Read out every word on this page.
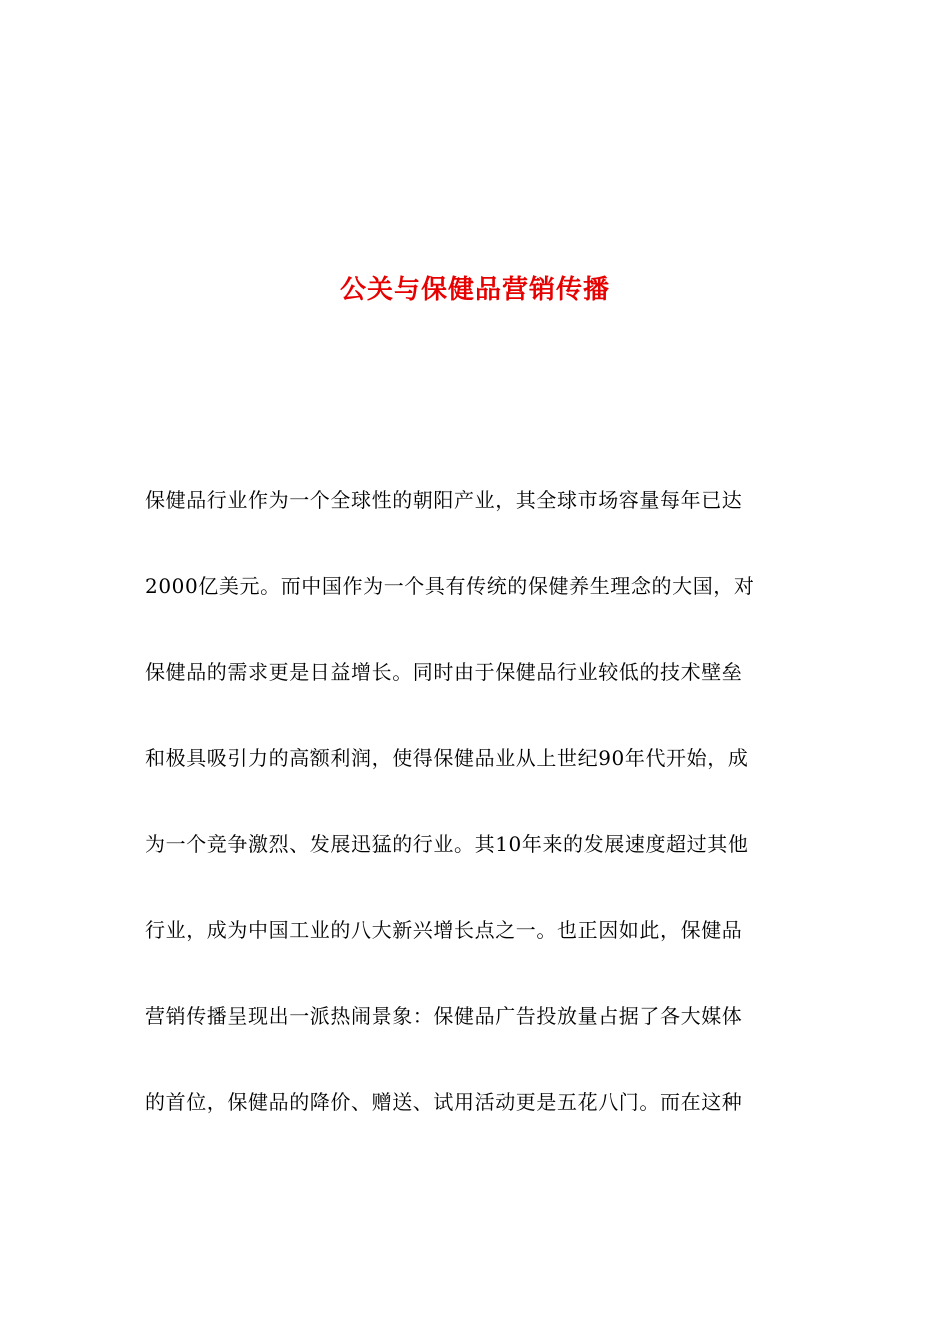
公关与保健品营销传播
保健品行业作为一个全球性的朝阳产业，其全球市场容量每年已达
2000亿美元。而中国作为一个具有传统的保健养生理念的大国，对
保健品的需求更是日益增长。同时由于保健品行业较低的技术壁垒
和极具吸引力的高额利润，使得保健品业从上世纪90年代开始，成
为一个竞争激烈、发展迅猛的行业。其10年来的发展速度超过其他
行业，成为中国工业的八大新兴增长点之一。也正因如此，保健品
营销传播呈现出一派热闹景象：保健品广告投放量占据了各大媒体
的首位，保健品的降价、赠送、试用活动更是五花八门。而在这种
